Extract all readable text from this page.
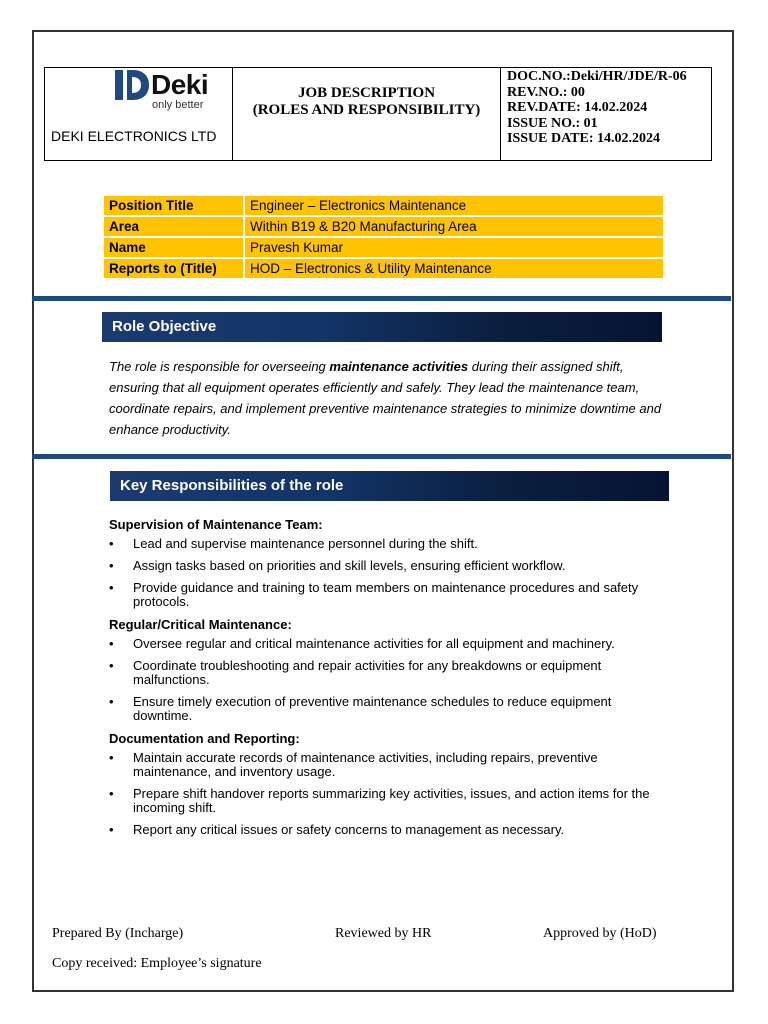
Deki
only better
DEKI ELECTRONICS LTD
JOB DESCRIPTION
(ROLES AND RESPONSIBILITY)
DOC.NO.:Deki/HR/JDE/R-06
REV.NO.: 00
REV.DATE: 14.02.2024
ISSUE NO.: 01
ISSUE DATE: 14.02.2024
Position Title	Engineer – Electronics Maintenance
Area	Within B19 & B20 Manufacturing Area
Name	Pravesh Kumar
Reports to (Title)	HOD – Electronics & Utility Maintenance
Role Objective
The role is responsible for overseeing maintenance activities during their assigned shift, ensuring that all equipment operates efficiently and safely. They lead the maintenance team, coordinate repairs, and implement preventive maintenance strategies to minimize downtime and enhance productivity.
Key Responsibilities of the role
Supervision of Maintenance Team:
• Lead and supervise maintenance personnel during the shift.
• Assign tasks based on priorities and skill levels, ensuring efficient workflow.
• Provide guidance and training to team members on maintenance procedures and safety protocols.
Regular/Critical Maintenance:
• Oversee regular and critical maintenance activities for all equipment and machinery.
• Coordinate troubleshooting and repair activities for any breakdowns or equipment malfunctions.
• Ensure timely execution of preventive maintenance schedules to reduce equipment downtime.
Documentation and Reporting:
• Maintain accurate records of maintenance activities, including repairs, preventive maintenance, and inventory usage.
• Prepare shift handover reports summarizing key activities, issues, and action items for the incoming shift.
• Report any critical issues or safety concerns to management as necessary.
Prepared By (Incharge)	Reviewed by HR	Approved by (HoD)
Copy received: Employee’s signature
